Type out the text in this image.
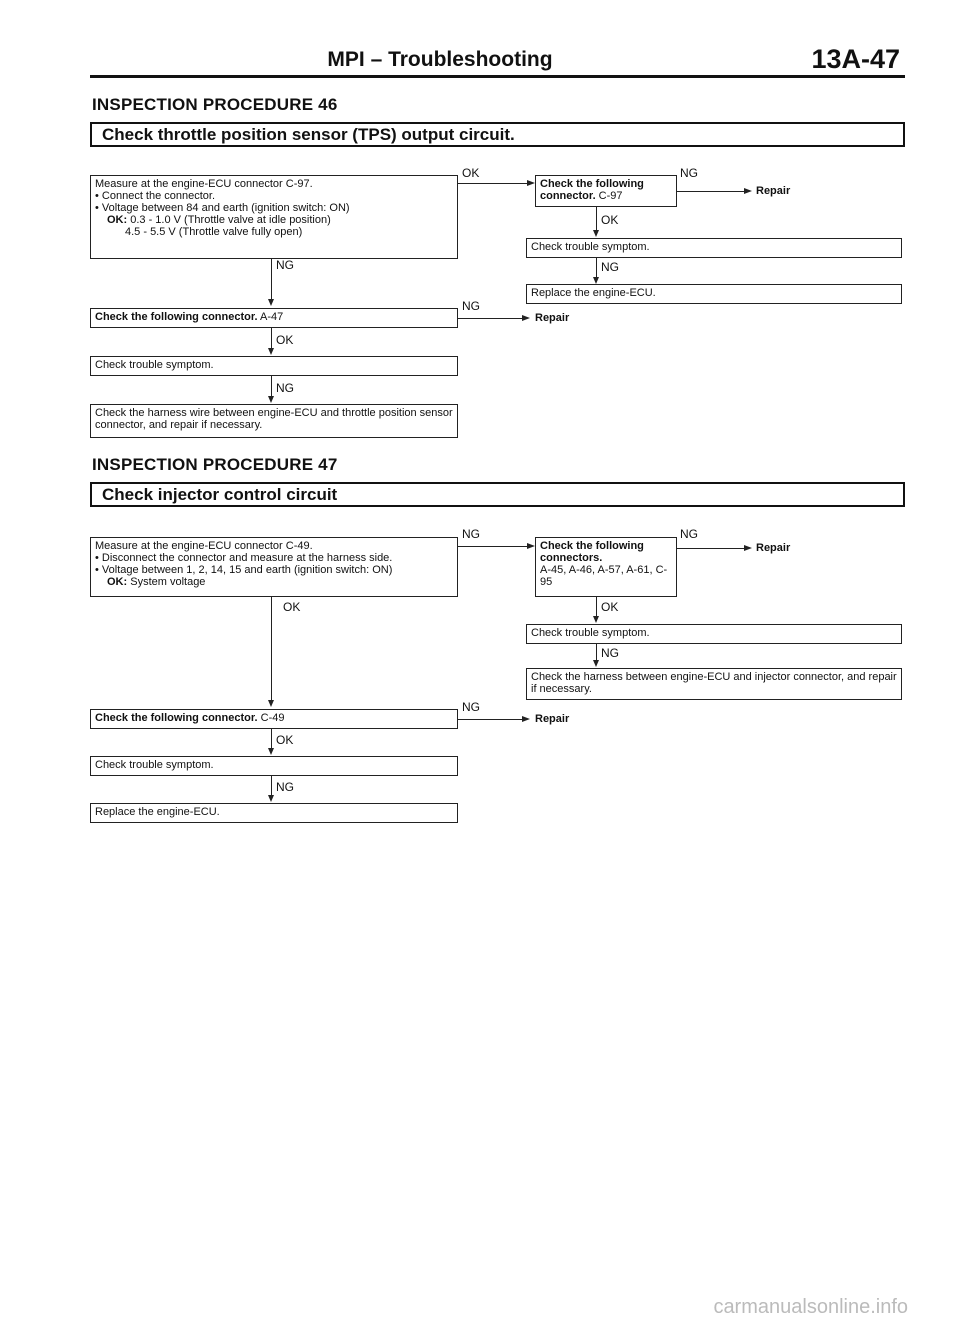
MPI – Troubleshooting	13A-47
INSPECTION PROCEDURE 46
Check throttle position sensor (TPS) output circuit.
Measure at the engine-ECU connector C-97.
• Connect the connector.
• Voltage between 84 and earth (ignition switch: ON)
OK: 0.3 - 1.0 V (Throttle valve at idle position)
4.5 - 5.5 V (Throttle valve fully open)
OK
Check the following connector. C-97
NG
Repair
OK
Check trouble symptom.
NG
Replace the engine-ECU.
NG
Check the following connector. A-47
NG
Repair
OK
Check trouble symptom.
NG
Check the harness wire between engine-ECU and throttle position sensor connector, and repair if necessary.
INSPECTION PROCEDURE 47
Check injector control circuit
Measure at the engine-ECU connector C-49.
• Disconnect the connector and measure at the harness side.
• Voltage between 1, 2, 14, 15 and earth (ignition switch: ON)
OK: System voltage
NG
Check the following connectors.
A-45, A-46, A-57, A-61, C-95
NG
Repair
OK
Check trouble symptom.
NG
Check the harness between engine-ECU and injector connector, and repair if necessary.
OK
Check the following connector. C-49
NG
Repair
OK
Check trouble symptom.
NG
Replace the engine-ECU.
carmanualsonline.info
